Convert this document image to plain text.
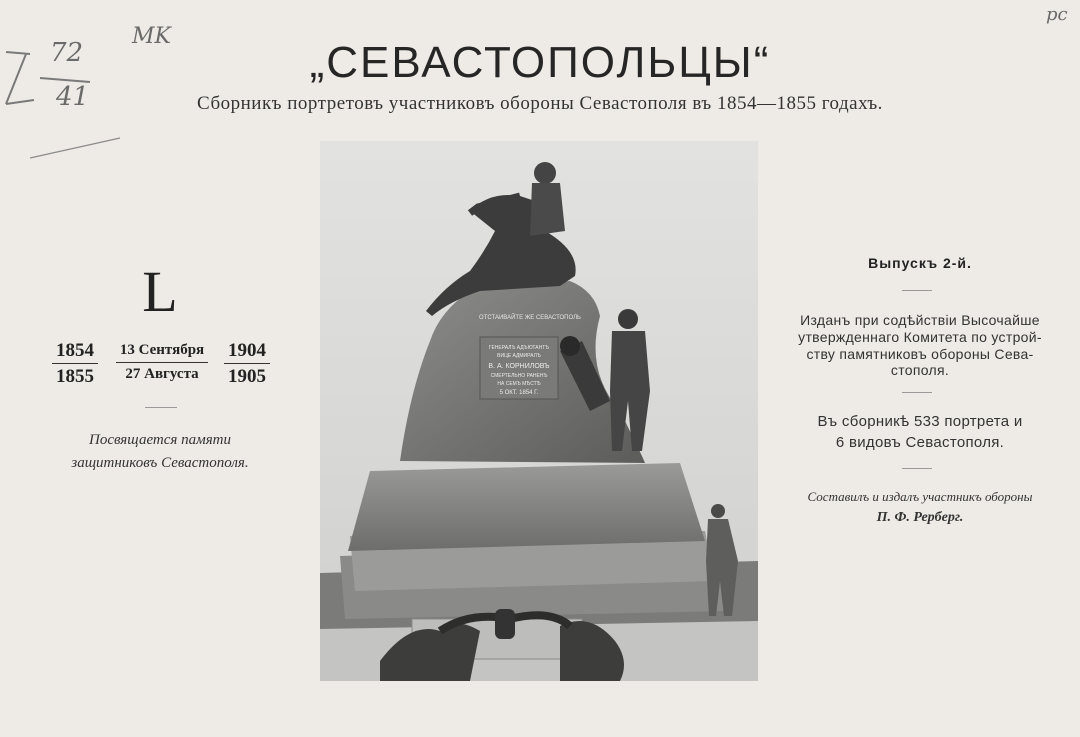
MK
pc
72
41
„СЕВАСТОПОЛЬЦЫ“
Сборникъ портретовъ участниковъ обороны Севастополя въ 1854—1855 годахъ.
L
1854
1855
13 Сентября
27 Августа
1904
1905
Посвящается памяти
защитниковъ Севастополя.
ОТСТАИВАЙТЕ ЖЕ СЕВАСТОПОЛЬ
ГЕНЕРАЛЪ АДЪЮТАНТЪ
ВИЦЕ АДМИРАЛЪ
В. А. КОРНИЛОВЪ
СМЕРТЕЛЬНО РАНЕНЪ
НА СЕМЪ МѢСТѢ
5 ОКТ. 1854 Г.
Выпускъ 2-й.
Изданъ при содѣйствіи Высочайше
утвержденнаго Комитета по устрой-
ству памятниковъ обороны Сева-
стополя.
Въ сборникѣ 533 портрета и
6 видовъ Севастополя.
Составилъ и издалъ участникъ обороны
П. Ф. Рерберг.
